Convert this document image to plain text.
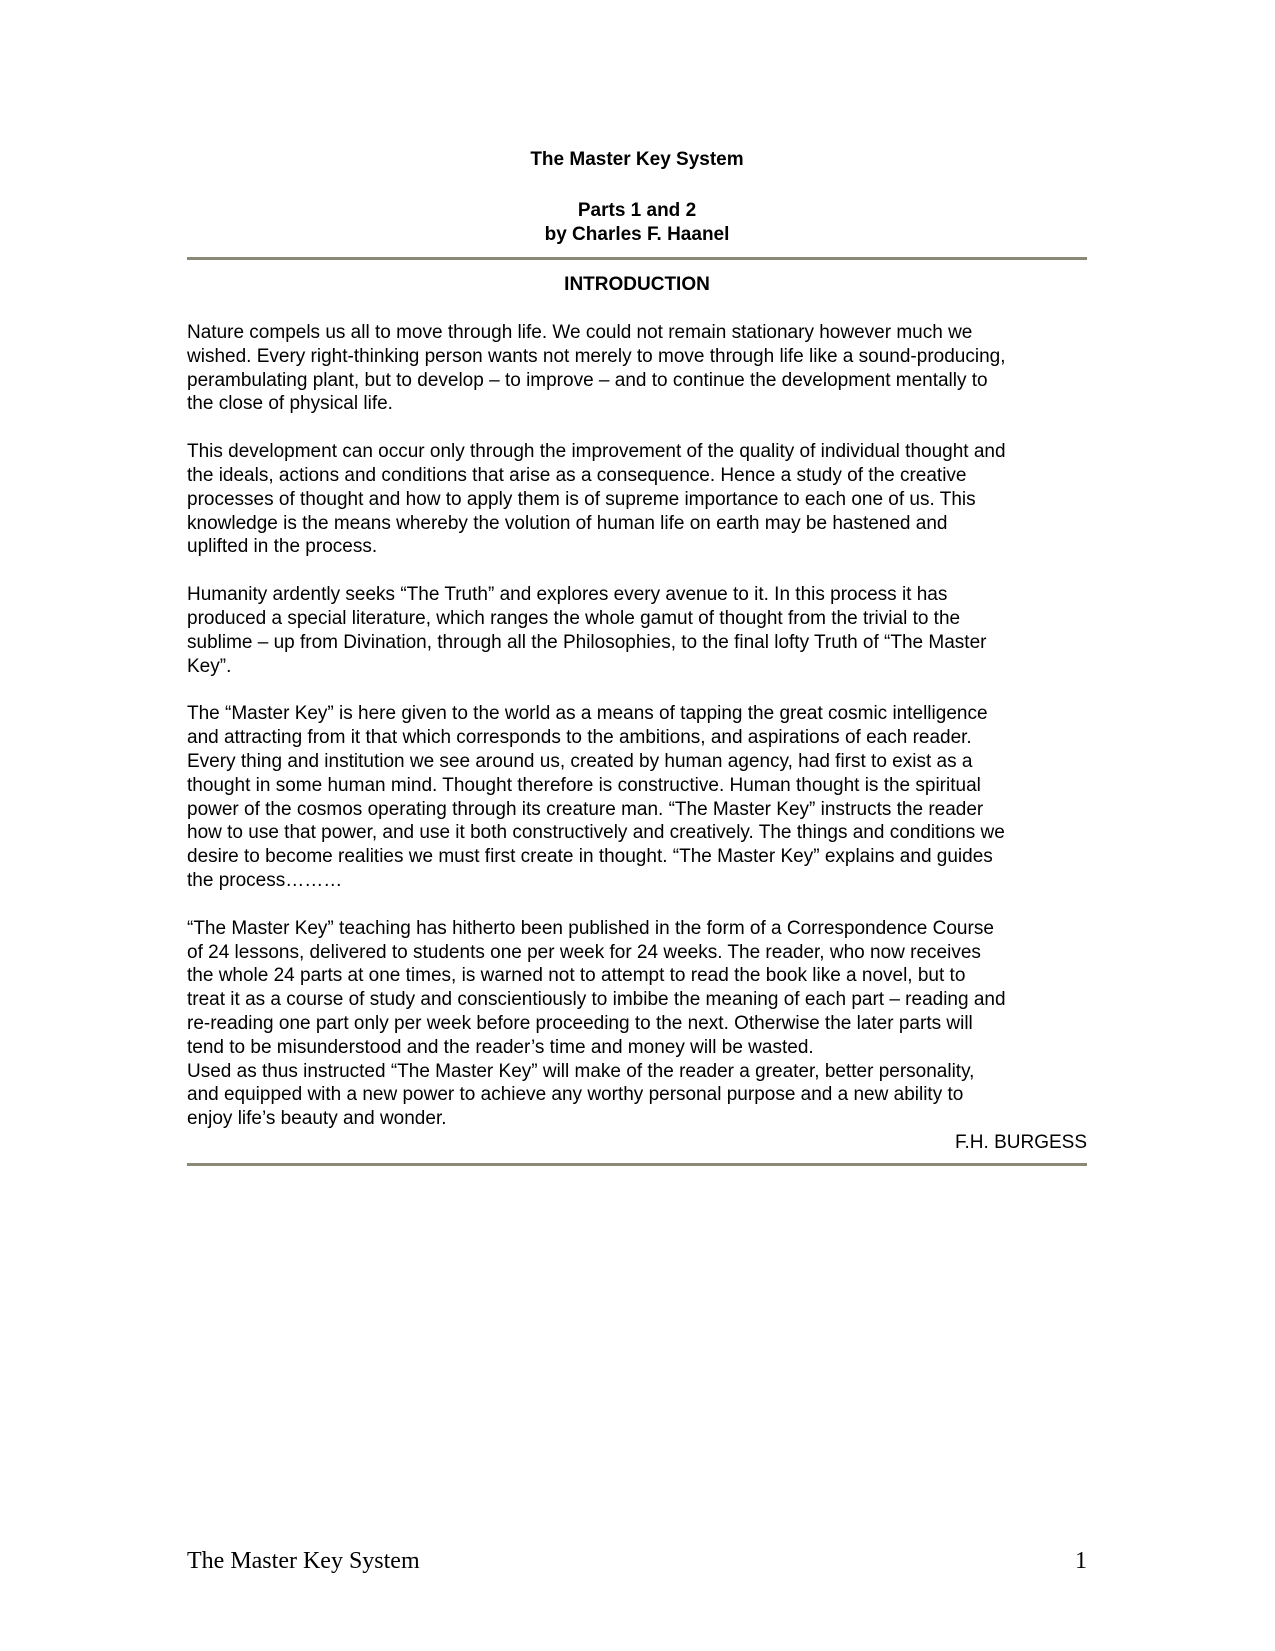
The Master Key System
Parts 1 and 2
by Charles F. Haanel
INTRODUCTION

Nature compels us all to move through life. We could not remain stationary however much we
wished. Every right-thinking person wants not merely to move through life like a sound-producing,
perambulating plant, but to develop – to improve – and to continue the development mentally to
the close of physical life.

This development can occur only through the improvement of the quality of individual thought and
the ideals, actions and conditions that arise as a consequence. Hence a study of the creative
processes of thought and how to apply them is of supreme importance to each one of us. This
knowledge is the means whereby the volution of human life on earth may be hastened and
uplifted in the process.

Humanity ardently seeks “The Truth” and explores every avenue to it. In this process it has
produced a special literature, which ranges the whole gamut of thought from the trivial to the
sublime – up from Divination, through all the Philosophies, to the final lofty Truth of “The Master
Key”.

The “Master Key” is here given to the world as a means of tapping the great cosmic intelligence
and attracting from it that which corresponds to the ambitions, and aspirations of each reader.
Every thing and institution we see around us, created by human agency, had first to exist as a
thought in some human mind. Thought therefore is constructive. Human thought is the spiritual
power of the cosmos operating through its creature man. “The Master Key” instructs the reader
how to use that power, and use it both constructively and creatively. The things and conditions we
desire to become realities we must first create in thought. “The Master Key” explains and guides
the process………

“The Master Key” teaching has hitherto been published in the form of a Correspondence Course
of 24 lessons, delivered to students one per week for 24 weeks. The reader, who now receives
the whole 24 parts at one times, is warned not to attempt to read the book like a novel, but to
treat it as a course of study and conscientiously to imbibe the meaning of each part – reading and
re-reading one part only per week before proceeding to the next. Otherwise the later parts will
tend to be misunderstood and the reader’s time and money will be wasted.
Used as thus instructed “The Master Key” will make of the reader a greater, better personality,
and equipped with a new power to achieve any worthy personal purpose and a new ability to
enjoy life’s beauty and wonder.

F.H. BURGESS
The Master Key System	1
